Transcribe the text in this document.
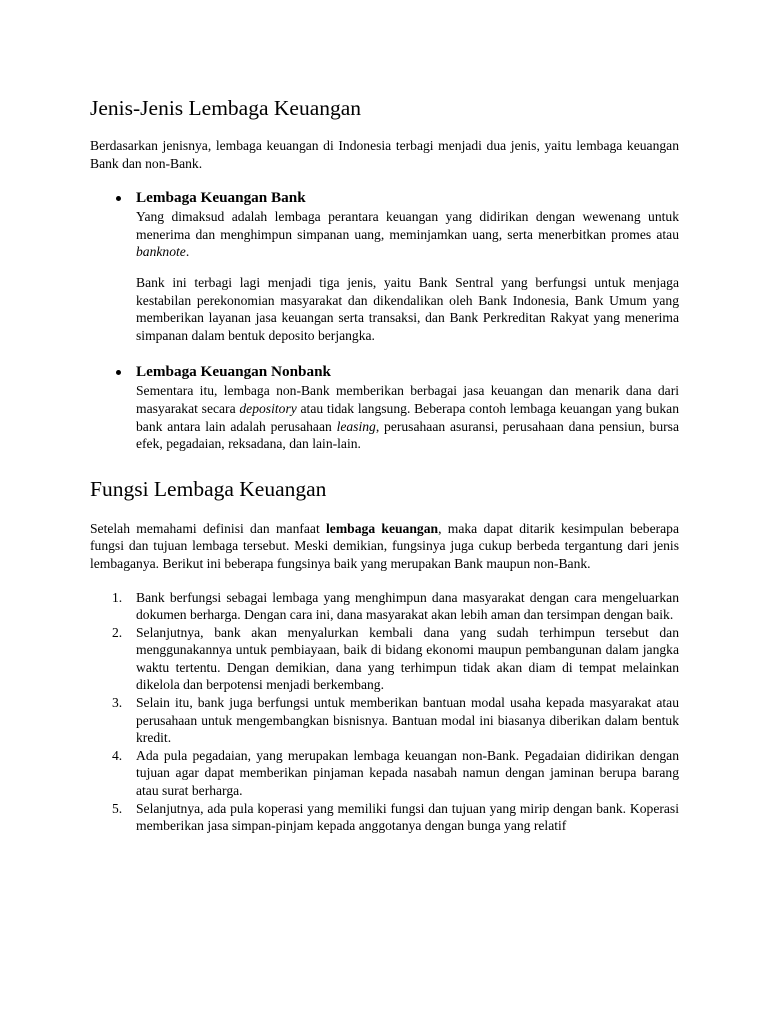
Jenis-Jenis Lembaga Keuangan

Berdasarkan jenisnya, lembaga keuangan di Indonesia terbagi menjadi dua jenis, yaitu lembaga keuangan Bank dan non-Bank.

Lembaga Keuangan Bank

Yang dimaksud adalah lembaga perantara keuangan yang didirikan dengan wewenang untuk menerima dan menghimpun simpanan uang, meminjamkan uang, serta menerbitkan promes atau banknote.

Bank ini terbagi lagi menjadi tiga jenis, yaitu Bank Sentral yang berfungsi untuk menjaga kestabilan perekonomian masyarakat dan dikendalikan oleh Bank Indonesia, Bank Umum yang memberikan layanan jasa keuangan serta transaksi, dan Bank Perkreditan Rakyat yang menerima simpanan dalam bentuk deposito berjangka.

Lembaga Keuangan Nonbank

Sementara itu, lembaga non-Bank memberikan berbagai jasa keuangan dan menarik dana dari masyarakat secara depository atau tidak langsung. Beberapa contoh lembaga keuangan yang bukan bank antara lain adalah perusahaan leasing, perusahaan asuransi, perusahaan dana pensiun, bursa efek, pegadaian, reksadana, dan lain-lain.

Fungsi Lembaga Keuangan

Setelah memahami definisi dan manfaat lembaga keuangan, maka dapat ditarik kesimpulan beberapa fungsi dan tujuan lembaga tersebut. Meski demikian, fungsinya juga cukup berbeda tergantung dari jenis lembaganya. Berikut ini beberapa fungsinya baik yang merupakan Bank maupun non-Bank.

1. Bank berfungsi sebagai lembaga yang menghimpun dana masyarakat dengan cara mengeluarkan dokumen berharga. Dengan cara ini, dana masyarakat akan lebih aman dan tersimpan dengan baik.
2. Selanjutnya, bank akan menyalurkan kembali dana yang sudah terhimpun tersebut dan menggunakannya untuk pembiayaan, baik di bidang ekonomi maupun pembangunan dalam jangka waktu tertentu. Dengan demikian, dana yang terhimpun tidak akan diam di tempat melainkan dikelola dan berpotensi menjadi berkembang.
3. Selain itu, bank juga berfungsi untuk memberikan bantuan modal usaha kepada masyarakat atau perusahaan untuk mengembangkan bisnisnya. Bantuan modal ini biasanya diberikan dalam bentuk kredit.
4. Ada pula pegadaian, yang merupakan lembaga keuangan non-Bank. Pegadaian didirikan dengan tujuan agar dapat memberikan pinjaman kepada nasabah namun dengan jaminan berupa barang atau surat berharga.
5. Selanjutnya, ada pula koperasi yang memiliki fungsi dan tujuan yang mirip dengan bank. Koperasi memberikan jasa simpan-pinjam kepada anggotanya dengan bunga yang relatif
